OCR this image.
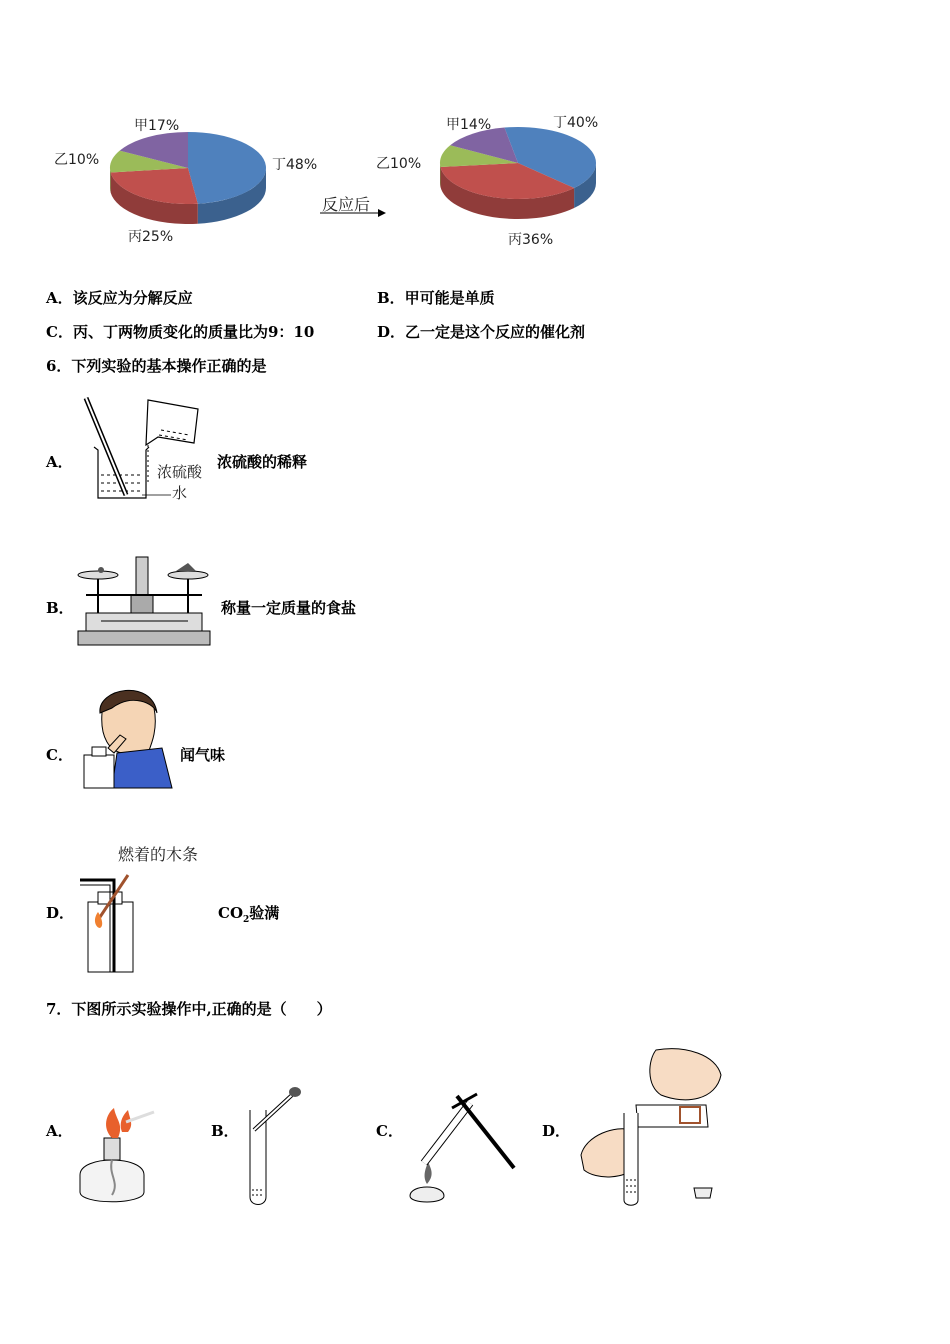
甲17%
乙10%
丙25%
丁48%
甲14%
乙10%
丙36%
丁40%
反应后
A．该反应为分解反应	B．甲可能是单质
C．丙、丁两物质变化的质量比为9：10	D．乙一定是这个反应的催化剂
6．下列实验的基本操作正确的是
A．
浓硫酸
水
浓硫酸的稀释
B．	称量一定质量的食盐
C．	闻气味
燃着的木条
D．	$CO_2$验满
7．下图所示实验操作中,正确的是（　　）
A．	B．	C．	D．
